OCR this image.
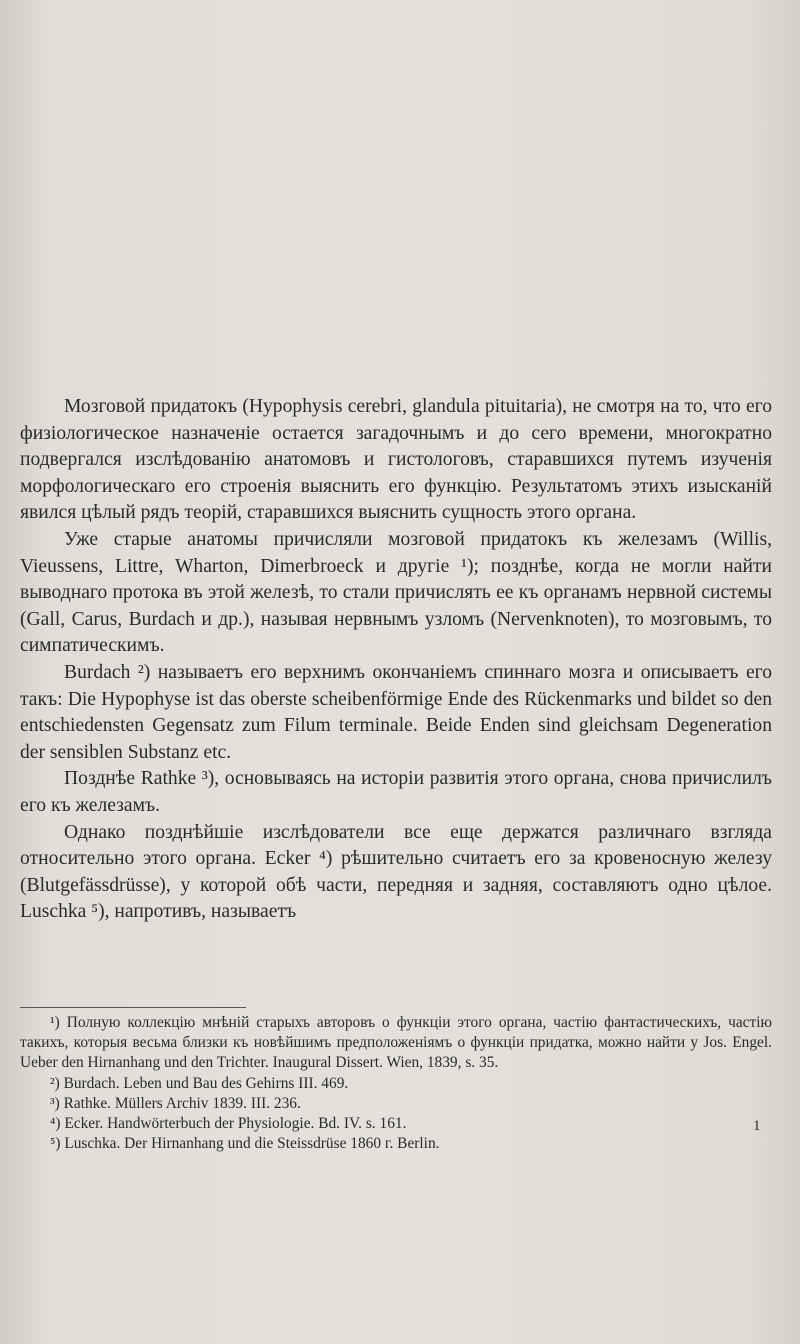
Мозговой придатокъ (Hypophysis cerebri, glandula pituitaria), не смотря на то, что его физіологическое назначеніе остается загадочнымъ и до сего времени, многократно подвергался изслѣдованію анатомовъ и гистологовъ, старавшихся путемъ изученія морфологическаго его строенія выяснить его функцію. Результатомъ этихъ изысканій явился цѣлый рядъ теорій, старавшихся выяснить сущность этого органа.

Уже старые анатомы причисляли мозговой придатокъ къ железамъ (Willis, Vieussens, Littre, Wharton, Dimerbroeck и другіе ¹); позднѣе, когда не могли найти выводнаго протока въ этой железѣ, то стали причислять ее къ органамъ нервной системы (Gall, Carus, Burdach и др.), называя нервнымъ узломъ (Nervenknoten), то мозговымъ, то симпатическимъ.

Burdach ²) называетъ его верхнимъ окончаніемъ спиннаго мозга и описываетъ его такъ: Die Hypophyse ist das oberste scheibenförmige Ende des Rückenmarks und bildet so den entschiedensten Gegensatz zum Filum terminale. Beide Enden sind gleichsam Degeneration der sensiblen Substanz etc.

Позднѣе Rathke ³), основываясь на исторіи развитія этого органа, снова причислилъ его къ железамъ.

Однако позднѣйшіе изслѣдователи все еще держатся различнаго взгляда относительно этого органа. Ecker ⁴) рѣшительно считаетъ его за кровеносную железу (Blutgefässdrüsse), у которой обѣ части, передняя и задняя, составляютъ одно цѣлое. Luschka ⁵), напротивъ, называетъ

¹) Полную коллекцію мнѣній старыхъ авторовъ о функціи этого органа, частію фантастическихъ, частію такихъ, которыя весьма близки къ новѣйшимъ предположеніямъ о функціи придатка, можно найти у Jos. Engel. Ueber den Hirnanhang und den Trichter. Inaugural Dissert. Wien, 1839, s. 35.

²) Burdach. Leben und Bau des Gehirns III. 469.

³) Rathke. Müllers Archiv 1839. III. 236.

⁴) Ecker. Handwörterbuch der Physiologie. Bd. IV. s. 161.

⁵) Luschka. Der Hirnanhang und die Steissdrüse 1860 г. Berlin.

1
